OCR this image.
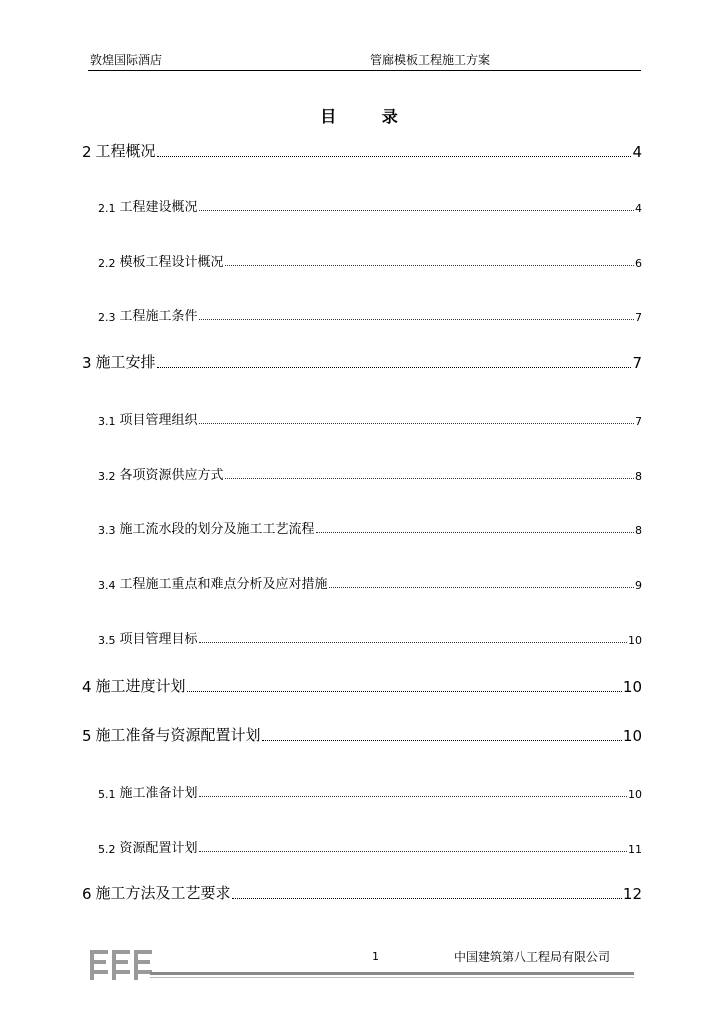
敦煌国际酒店	管廊模板工程施工方案
目 录
2 工程概况	4
2.1 工程建设概况	4
2.2 模板工程设计概况	6
2.3 工程施工条件	7
3 施工安排	7
3.1 项目管理组织	7
3.2 各项资源供应方式	8
3.3 施工流水段的划分及施工工艺流程	8
3.4 工程施工重点和难点分析及应对措施	9
3.5 项目管理目标	10
4 施工进度计划	10
5 施工准备与资源配置计划	10
5.1 施工准备计划	10
5.2 资源配置计划	11
6 施工方法及工艺要求	12
1	中国建筑第八工程局有限公司
